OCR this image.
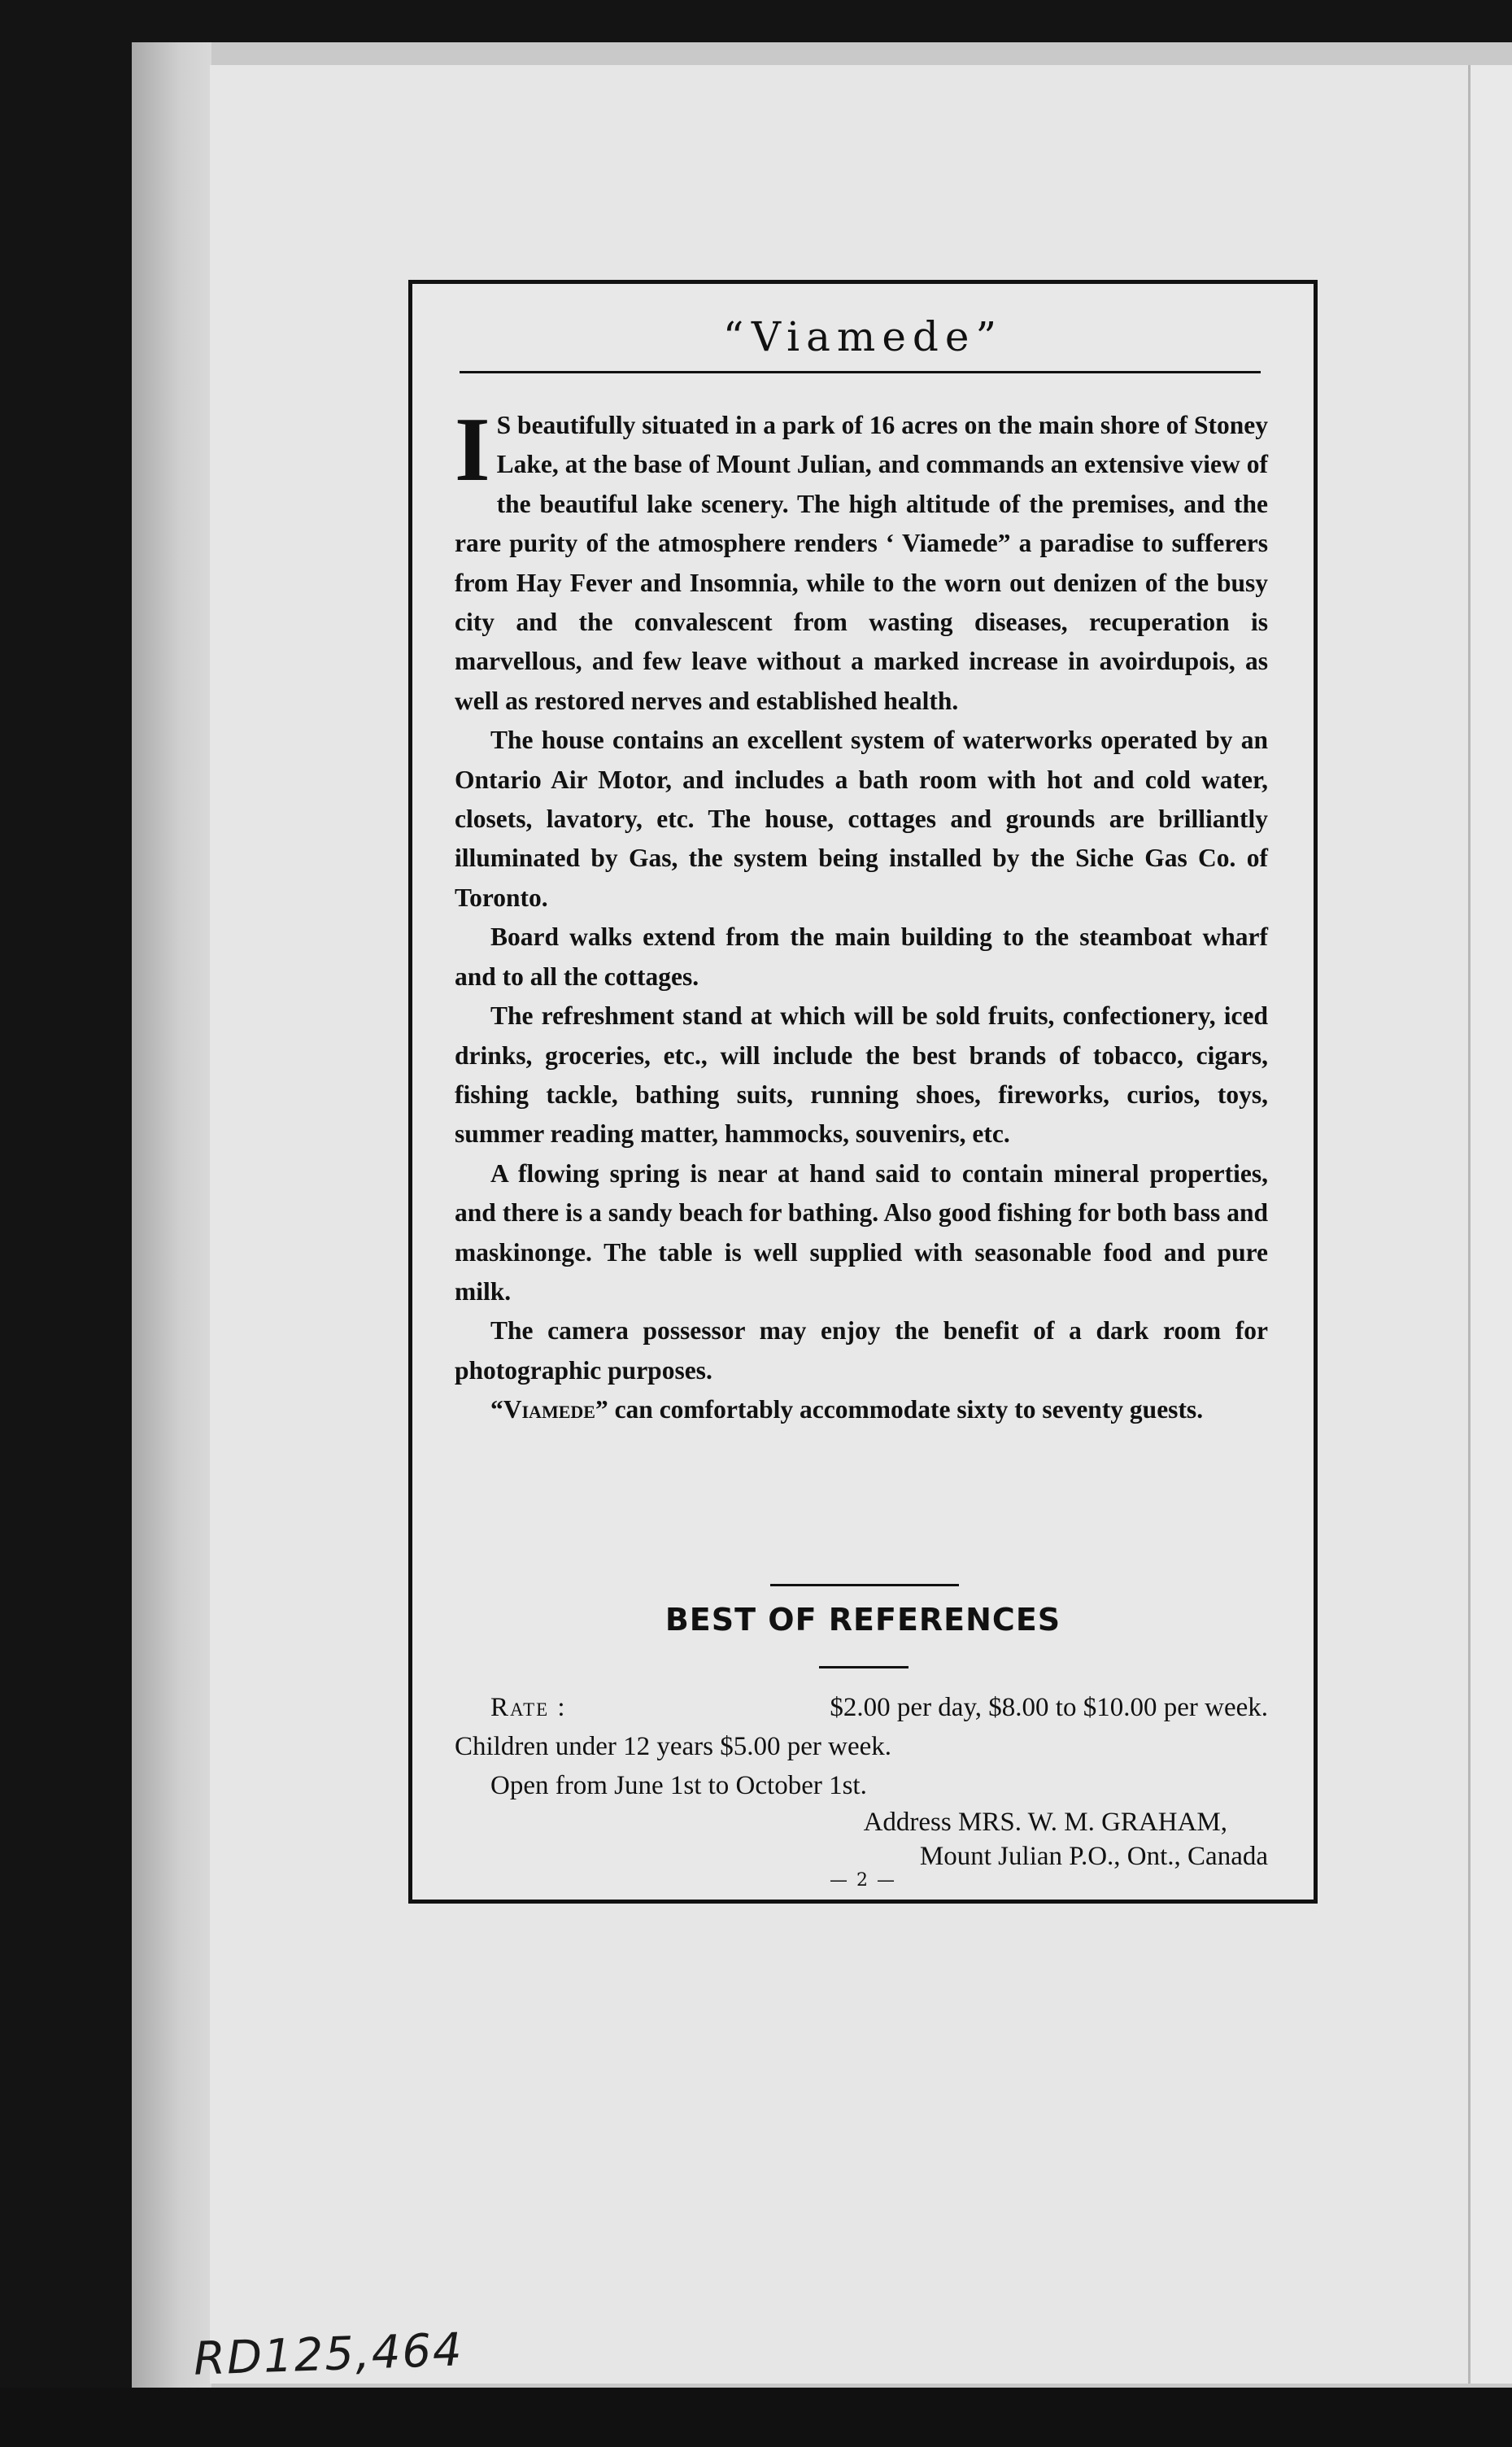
“Viamede”

I S beautifully situated in a park of 16 acres on the main shore of Stoney Lake, at the base of Mount Julian, and commands an extensive view of the beautiful lake scenery. The high altitude of the premises, and the rare purity of the atmosphere renders ‘ Viamede” a paradise to sufferers from Hay Fever and Insomnia, while to the worn out denizen of the busy city and the convalescent from wasting diseases, recuperation is marvellous, and few leave without a marked increase in avoirdupois, as well as restored nerves and established health.

The house contains an excellent system of waterworks operated by an Ontario Air Motor, and includes a bath room with hot and cold water, closets, lavatory, etc. The house, cottages and grounds are brilliantly illuminated by Gas, the system being installed by the Siche Gas Co. of Toronto.

Board walks extend from the main building to the steamboat wharf and to all the cottages.

The refreshment stand at which will be sold fruits, confectionery, iced drinks, groceries, etc., will include the best brands of tobacco, cigars, fishing tackle, bathing suits, running shoes, fireworks, curios, toys, summer reading matter, hammocks, souvenirs, etc.

A flowing spring is near at hand said to contain mineral properties, and there is a sandy beach for bathing. Also good fishing for both bass and maskinonge. The table is well supplied with seasonable food and pure milk.

The camera possessor may enjoy the benefit of a dark room for photographic purposes.

“Viamede” can comfortably accommodate sixty to seventy guests.

BEST OF REFERENCES
Rate :	$2.00 per day, $8.00 to $10.00 per week.
Children under 12 years $5.00 per week.
Open from June 1st to October 1st.
Address MRS. W. M. GRAHAM,
Mount Julian P.O., Ont., Canada
— 2 —
RD125,464
